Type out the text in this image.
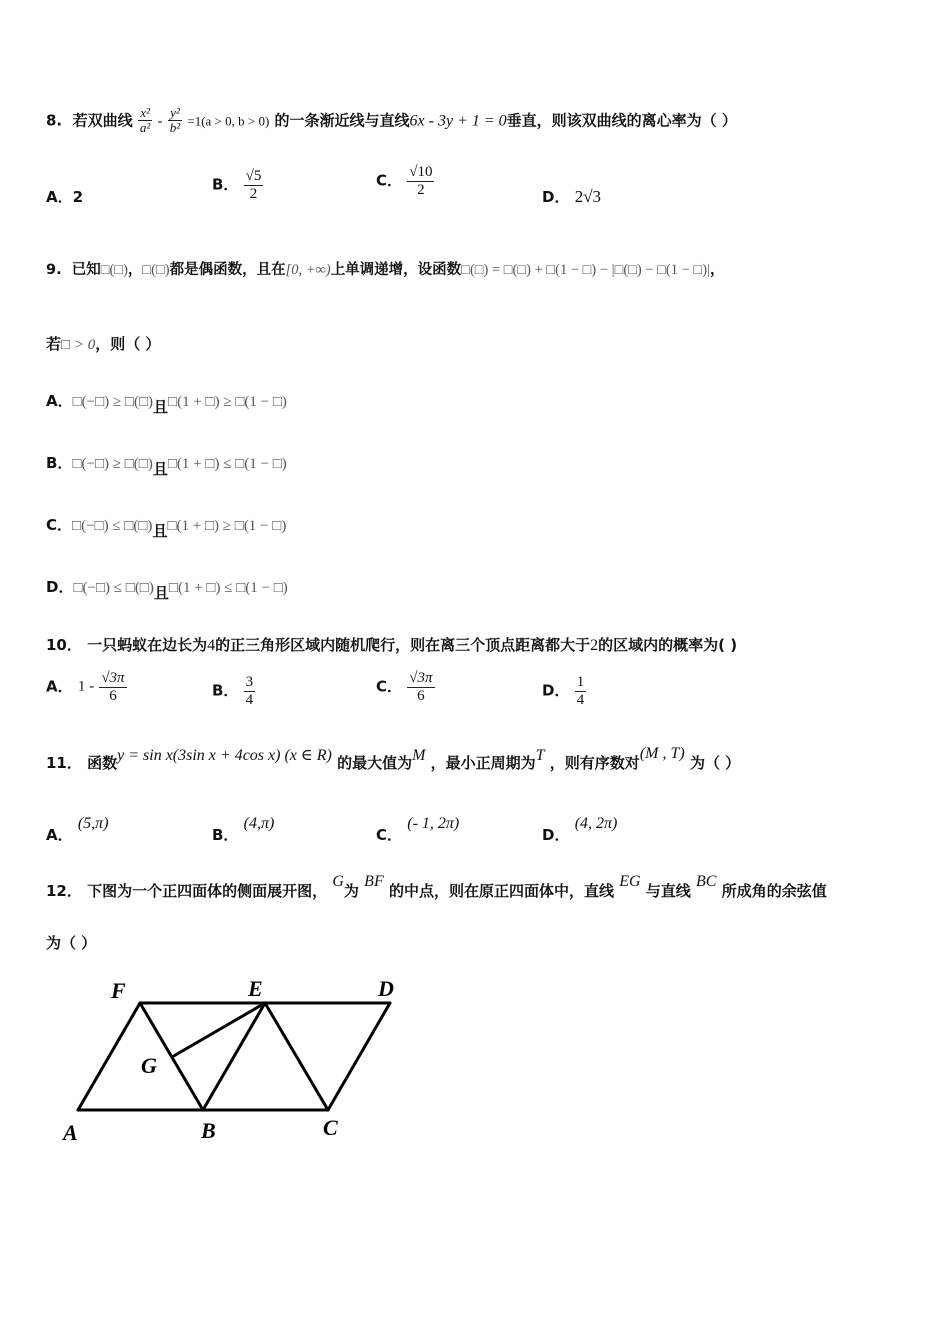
8. 若双曲线 $\frac{\text{x²}}{\text{a²}} - \frac{\text{y²}}{\text{b²}} =1(a > 0$, b > 0) 的一条渐近线与直线6x - 3y + 1 = 0垂直，则该双曲线的离心率为（ ）
A．2
B． $\frac{√5}{2}$	C． $\frac{√10}{2}$	D． 2√3
9. 已知□(□)，□(□)都是偶函数，且在[0, +∞)上单调递增，设函数□(□) = □(□) + □(1 − □) − |□(□) − □(1 − □)|，
若□ > 0，则（ ）
A．□(−□) ≥ □(□)且□(1 + □) ≥ □(1 − □)
B．□(−□) ≥ □(□)且□(1 + □) ≤ □(1 − □)
C．□(−□) ≤ □(□)且□(1 + □) ≥ □(1 − □)
D．□(−□) ≤ □(□)且□(1 + □) ≤ □(1 − □)
10． 一只蚂蚁在边长为4的正三角形区域内随机爬行，则在离三个顶点距离都大于2的区域内的概率为( )
A． $1 - \frac{√3\pi}{6}$	B． $\frac{3}{4}$	C． $\frac{√3\pi}{6}$	D． $\frac{1}{4}$
11． 函数y = sin x(3sin x + 4cos x) (x ∈ R) 的最大值为M ，最小正周期为T ，则有序数对(M , T) 为（ ）
A． (5,π)
B． (4,π)
C． (- 1, 2π)
D． (4, 2π)
12． 下图为一个正四面体的侧面展开图， G为 BF 的中点，则在原正四面体中，直线 EG 与直线 BC 所成角的余弦值
为（ ）
F	E	D
G
A	B	C
